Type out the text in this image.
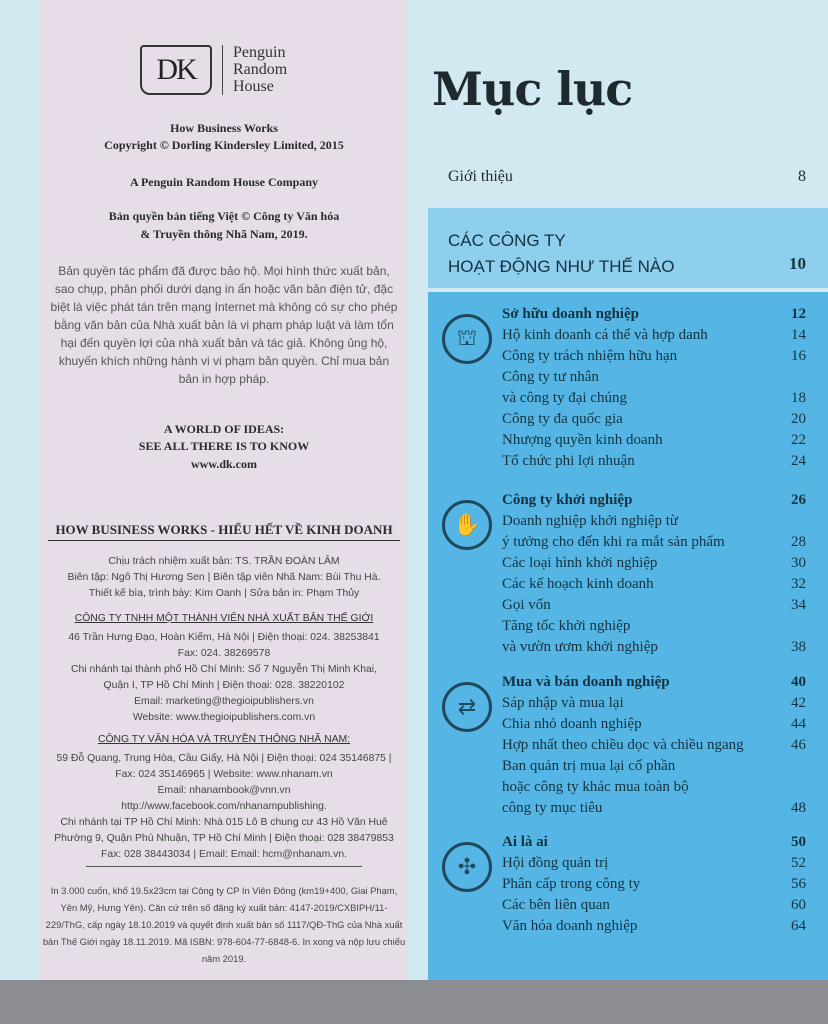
DK	Penguin
Random
House
How Business Works
Copyright © Dorling Kindersley Limited, 2015
A Penguin Random House Company
Bản quyền bản tiếng Việt © Công ty Văn hóa
& Truyền thông Nhã Nam, 2019.
Bản quyền tác phẩm đã được bảo hộ. Mọi hình thức xuất bản, sao chụp, phân phối dưới dạng in ấn hoặc văn bản điện tử, đặc biệt là việc phát tán trên mạng Internet mà không có sự cho phép bằng văn bản của Nhà xuất bản là vi phạm pháp luật và làm tổn hại đến quyền lợi của nhà xuất bản và tác giả. Không ủng hộ, khuyến khích những hành vi vi phạm bản quyền. Chỉ mua bản bản in hợp pháp.
A WORLD OF IDEAS:
SEE ALL THERE IS TO KNOW
www.dk.com
HOW BUSINESS WORKS - HIỂU HẾT VỀ KINH DOANH
Chịu trách nhiệm xuất bản: TS. TRẦN ĐOÀN LÂM
Biên tập: Ngô Thị Hương Sen | Biên tập viên Nhã Nam: Bùi Thu Hà.
Thiết kế bìa, trình bày: Kim Oanh | Sửa bản in: Phạm Thủy
CÔNG TY TNHH MỘT THÀNH VIÊN NHÀ XUẤT BẢN THẾ GIỚI
46 Trần Hưng Đạo, Hoàn Kiếm, Hà Nội | Điện thoại: 024. 38253841
Fax: 024. 38269578
Chi nhánh tại thành phố Hồ Chí Minh: Số 7 Nguyễn Thị Minh Khai,
Quận I, TP Hồ Chí Minh | Điện thoại: 028. 38220102
Email: marketing@thegioipublishers.vn
Website: www.thegioipublishers.com.vn
CÔNG TY VĂN HÓA VÀ TRUYỀN THÔNG NHÃ NAM:
59 Đỗ Quang, Trung Hòa, Cầu Giấy, Hà Nội | Điện thoại: 024 35146875 |
Fax: 024 35146965 | Website: www.nhanam.vn
Email: nhanambook@vnn.vn
http://www.facebook.com/nhanampublishing.
Chi nhánh tại TP Hồ Chí Minh: Nhà 015 Lô B chung cư 43 Hồ Văn Huê
Phường 9, Quận Phú Nhuận, TP Hồ Chí Minh | Điện thoại: 028 38479853
Fax: 028 38443034 | Email: Email: hcm@nhanam.vn.
In 3.000 cuốn, khổ 19.5x23cm tại Công ty CP In Viên Đông (km19+400, Giai Phạm, Yên Mỹ, Hưng Yên). Căn cứ trên số đăng ký xuất bản: 4147-2019/CXBIPH/11-229/ThG, cấp ngày 18.10.2019 và quyết định xuất bản số 1117/QĐ-ThG của Nhà xuất bản Thế Giới ngày 18.11.2019. Mã ISBN: 978-604-77-6848-6. In xong và nộp lưu chiểu năm 2019.
Mục lục
Giới thiệu	8
CÁC CÔNG TY
HOẠT ĐỘNG NHƯ THẾ NÀO	10
⛫
Sở hữu doanh nghiệp	12
Hộ kinh doanh cá thể và hợp danh	14
Công ty trách nhiệm hữu hạn	16
Công ty tư nhân
và công ty đại chúng	18
Công ty đa quốc gia	20
Nhượng quyền kinh doanh	22
Tổ chức phi lợi nhuận	24
✋
Công ty khởi nghiệp	26
Doanh nghiệp khởi nghiệp từ
ý tưởng cho đến khi ra mắt sản phẩm	28
Các loại hình khởi nghiệp	30
Các kế hoạch kinh doanh	32
Gọi vốn	34
Tăng tốc khởi nghiệp
và vườn ươm khởi nghiệp	38
⇄
Mua và bán doanh nghiệp	40
Sáp nhập và mua lại	42
Chia nhỏ doanh nghiệp	44
Hợp nhất theo chiều dọc và chiều ngang	46
Ban quản trị mua lại cổ phần
hoặc công ty khác mua toàn bộ
công ty mục tiêu	48
✣
Ai là ai	50
Hội đồng quản trị	52
Phân cấp trong công ty	56
Các bên liên quan	60
Văn hóa doanh nghiệp	64
